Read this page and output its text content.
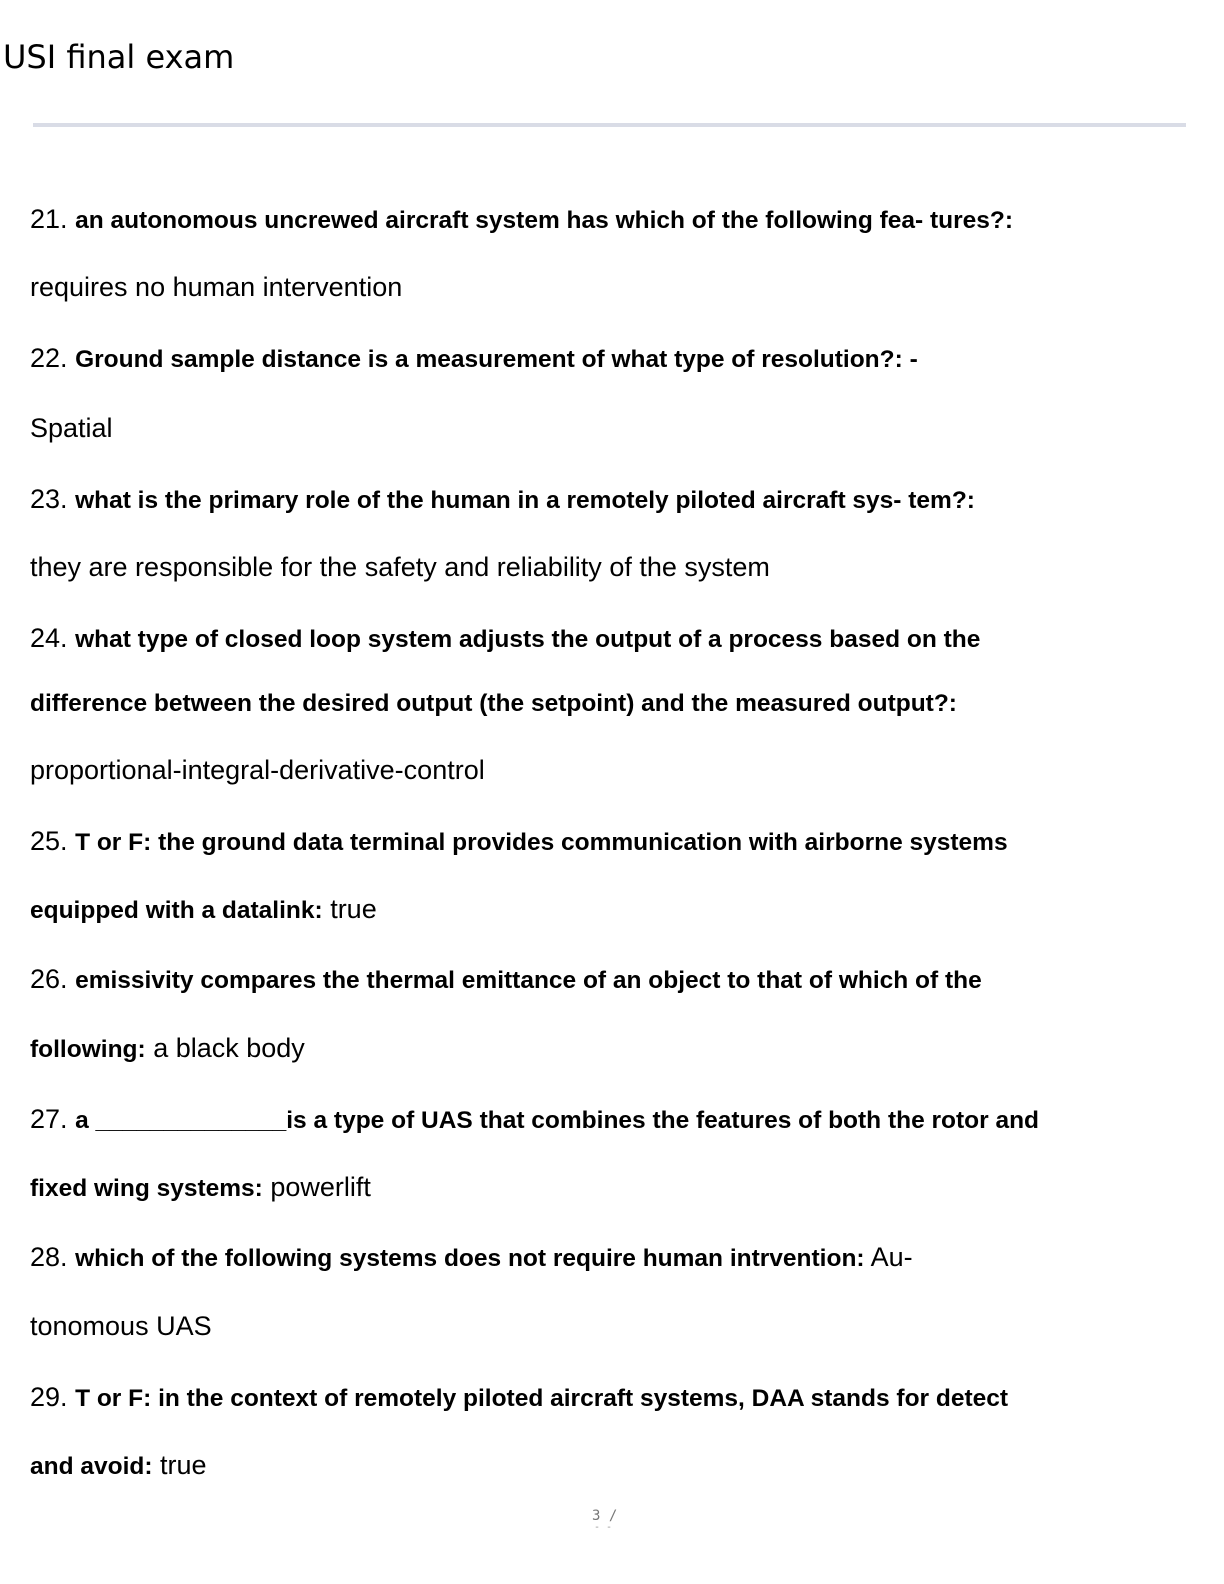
USI final exam
21. an autonomous uncrewed aircraft system has which of the following fea- tures?:
requires no human intervention
22. Ground sample distance is a measurement of what type of resolution?: -
Spatial
23. what is the primary role of the human in a remotely piloted aircraft sys- tem?:
they are responsible for the safety and reliability of the system
24. what type of closed loop system adjusts the output of a process based on the
difference between the desired output (the setpoint) and the measured output?:
proportional-integral-derivative-control
25. T or F: the ground data terminal provides communication with airborne systems
equipped with a datalink: true
26. emissivity compares the thermal emittance of an object to that of which of the
following: a black body
27. a ______________is a type of UAS that combines the features of both the rotor and
fixed wing systems: powerlift
28. which of the following systems does not require human intrvention: Au-
tonomous UAS
29. T or F: in the context of remotely piloted aircraft systems, DAA stands for detect
and avoid: true
3 /
- -
